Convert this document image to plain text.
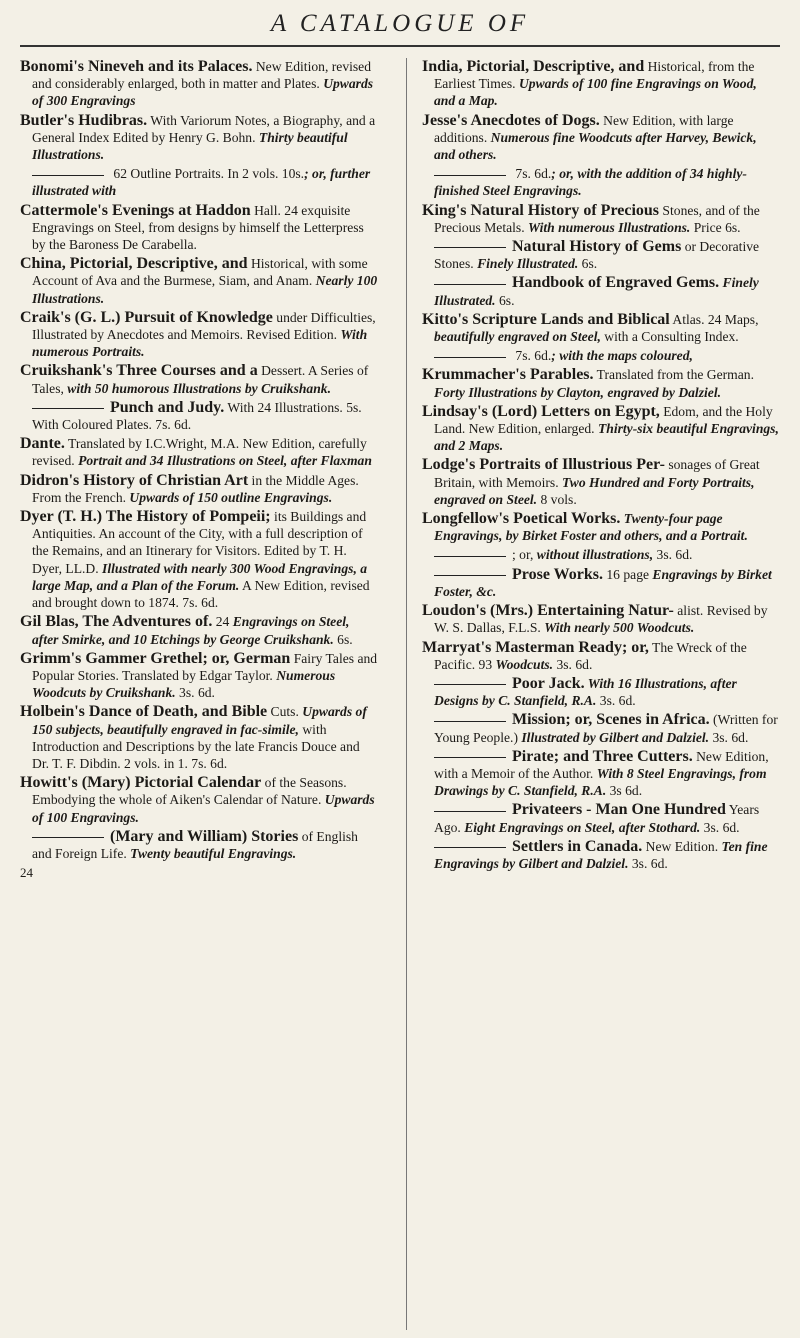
A CATALOGUE OF
Bonomi's Nineveh and its Palaces. New Edition, revised and considerably enlarged, both in matter and Plates. Upwards of 300 Engravings
Butler's Hudibras. With Variorum Notes, a Biography, and a General Index Edited by Henry G. Bohn. Thirty beautiful Illustrations.
62 Outline Portraits. In 2 vols. 10s.; or, further illustrated with
Cattermole's Evenings at Haddon Hall. 24 exquisite Engravings on Steel, from designs by himself the Letterpress by the Baroness De Carabella.
China, Pictorial, Descriptive, and Historical, with some Account of Ava and the Burmese, Siam, and Anam. Nearly 100 Illustrations.
Craik's (G. L.) Pursuit of Knowledge under Difficulties, Illustrated by Anecdotes and Memoirs. Revised Edition. With numerous Portraits.
Cruikshank's Three Courses and a Dessert. A Series of Tales, with 50 humorous Illustrations by Cruikshank.
Punch and Judy. With 24 Illustrations. 5s. With Coloured Plates. 7s. 6d.
Dante. Translated by I.C.Wright, M.A. New Edition, carefully revised. Portrait and 34 Illustrations on Steel, after Flaxman
Didron's History of Christian Art in the Middle Ages. From the French. Upwards of 150 outline Engravings.
Dyer (T. H.) The History of Pompeii; its Buildings and Antiquities. An account of the City, with a full description of the Remains, and an Itinerary for Visitors. Edited by T. H. Dyer, LL.D. Illustrated with nearly 300 Wood Engravings, a large Map, and a Plan of the Forum. A New Edition, revised and brought down to 1874. 7s. 6d.
Gil Blas, The Adventures of. 24 Engravings on Steel, after Smirke, and 10 Etchings by George Cruikshank. 6s.
Grimm's Gammer Grethel; or, German Fairy Tales and Popular Stories. Translated by Edgar Taylor. Numerous Woodcuts by Cruikshank. 3s. 6d.
Holbein's Dance of Death, and Bible Cuts. Upwards of 150 subjects, beautifully engraved in fac-simile, with Introduction and Descriptions by the late Francis Douce and Dr. T. F. Dibdin. 2 vols. in 1. 7s. 6d.
Howitt's (Mary) Pictorial Calendar of the Seasons. Embodying the whole of Aiken's Calendar of Nature. Upwards of 100 Engravings.
(Mary and William) Stories of English and Foreign Life. Twenty beautiful Engravings.
24
India, Pictorial, Descriptive, and Historical, from the Earliest Times. Upwards of 100 fine Engravings on Wood, and a Map.
Jesse's Anecdotes of Dogs. New Edition, with large additions. Numerous fine Woodcuts after Harvey, Bewick, and others.
7s. 6d.; or, with the addition of 34 highly-finished Steel Engravings.
King's Natural History of Precious Stones, and of the Precious Metals. With numerous Illustrations. Price 6s.
Natural History of Gems or Decorative Stones. Finely Illustrated. 6s.
Handbook of Engraved Gems. Finely Illustrated. 6s.
Kitto's Scripture Lands and Biblical Atlas. 24 Maps, beautifully engraved on Steel, with a Consulting Index.
7s. 6d.; with the maps coloured,
Krummacher's Parables. Translated from the German. Forty Illustrations by Clayton, engraved by Dalziel.
Lindsay's (Lord) Letters on Egypt, Edom, and the Holy Land. New Edition, enlarged. Thirty-six beautiful Engravings, and 2 Maps.
Lodge's Portraits of Illustrious Per- sonages of Great Britain, with Memoirs. Two Hundred and Forty Portraits, engraved on Steel. 8 vols.
Longfellow's Poetical Works. Twenty-four page Engravings, by Birket Foster and others, and a Portrait.
; or, without illustrations, 3s. 6d.
Prose Works. 16 page Engravings by Birket Foster, &c.
Loudon's (Mrs.) Entertaining Natur- alist. Revised by W. S. Dallas, F.L.S. With nearly 500 Woodcuts.
Marryat's Masterman Ready; or, The Wreck of the Pacific. 93 Woodcuts. 3s. 6d.
Poor Jack. With 16 Illustrations, after Designs by C. Stanfield, R.A. 3s. 6d.
Mission; or, Scenes in Africa. (Written for Young People.) Illustrated by Gilbert and Dalziel. 3s. 6d.
Pirate; and Three Cutters. New Edition, with a Memoir of the Author. With 8 Steel Engravings, from Drawings by C. Stanfield, R.A. 3s 6d.
Privateers - Man One Hundred Years Ago. Eight Engravings on Steel, after Stothard. 3s. 6d.
Settlers in Canada. New Edition. Ten fine Engravings by Gilbert and Dalziel. 3s. 6d.
